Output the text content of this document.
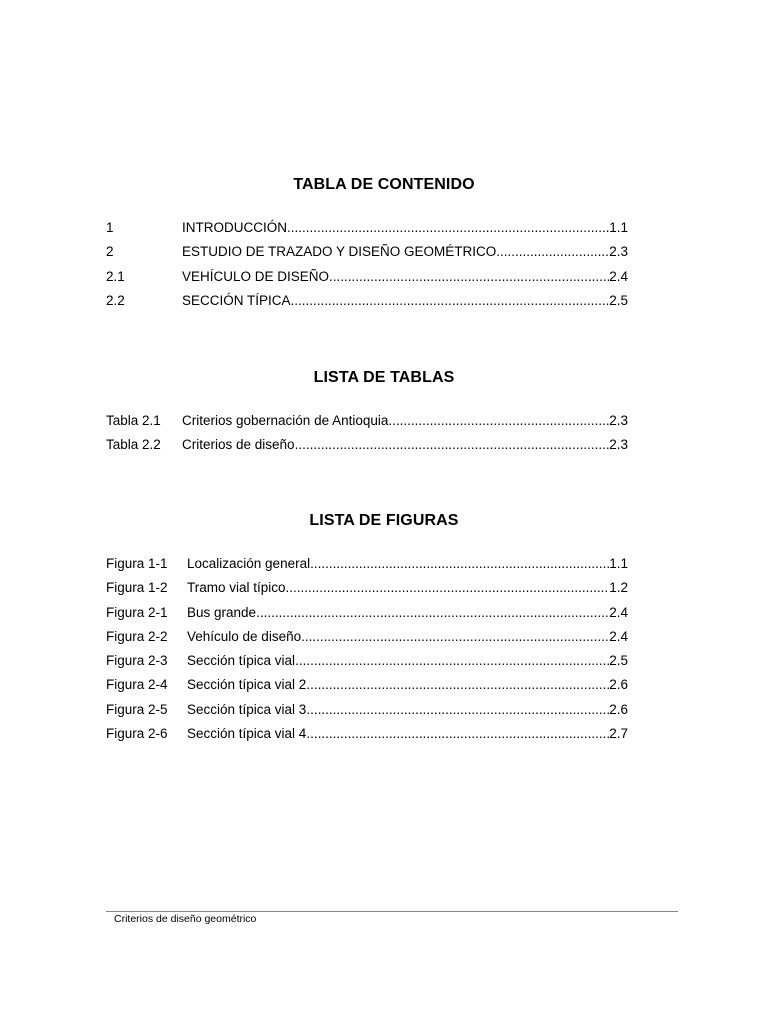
TABLA DE CONTENIDO
1	INTRODUCCIÓN .....	1.1
2	ESTUDIO DE TRAZADO Y DISEÑO GEOMÉTRICO .....	2.3
2.1	VEHÍCULO DE DISEÑO .....	2.4
2.2	SECCIÓN TÍPICA .....	2.5
LISTA DE TABLAS
Tabla 2.1	Criterios gobernación de Antioquia .....	2.3
Tabla 2.2	Criterios de diseño .....	2.3
LISTA DE FIGURAS
Figura 1-1	Localización general .....	1.1
Figura 1-2	Tramo vial típico .....	1.2
Figura 2-1	Bus grande .....	2.4
Figura 2-2	Vehículo de diseño .....	2.4
Figura 2-3	Sección típica vial .....	2.5
Figura 2-4	Sección típica vial 2 .....	2.6
Figura 2-5	Sección típica vial 3 .....	2.6
Figura 2-6	Sección típica vial 4 .....	2.7
Criterios de diseño geométrico
